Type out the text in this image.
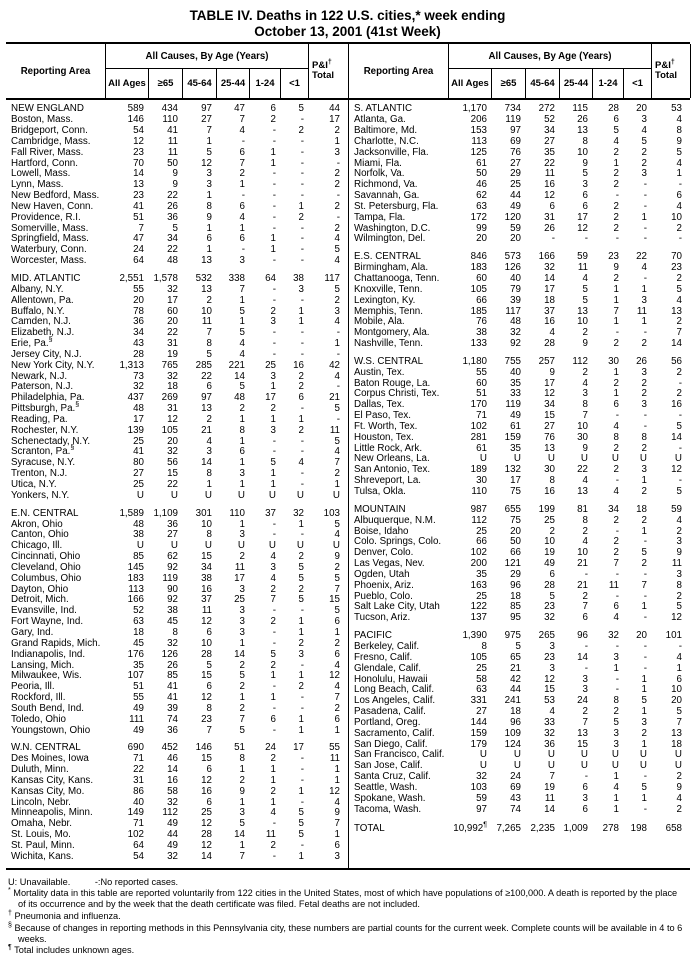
TABLE IV. Deaths in 122 U.S. cities,* week ending
October 13, 2001 (41st Week)
Reporting Area
All Causes, By Age (Years)
All Ages	≥65	45-64 25-44	1-24	<1
P&I†
Total
NEW ENGLAND	589	434	97	47	6	5	44
Boston, Mass.	146	110	27	7	2	-	17
Bridgeport, Conn.	54	41	7	4	-	2	2
Cambridge, Mass.	12	11	1	-	-	-	1
Fall River, Mass.	23	11	5	6	1	-	3
Hartford, Conn.	70	50	12	7	1	-	-
Lowell, Mass.	14	9	3	2	-	-	2
Lynn, Mass.	13	9	3	1	-	-	2
New Bedford, Mass.	23	22	1	-	-	-	-
New Haven, Conn.	41	26	8	6	-	1	2
Providence, R.I.	51	36	9	4	-	2	-
Somerville, Mass.	7	5	1	1	-	-	2
Springfield, Mass.	47	34	6	6	1	-	4
Waterbury, Conn.	24	22	1	-	1	-	5
Worcester, Mass.	64	48	13	3	-	-	4
MID. ATLANTIC	2,551 1,578	532	338	64	38	117
Albany, N.Y.	55	32	13	7	-	3	5
Allentown, Pa.	20	17	2	1	-	-	2
Buffalo, N.Y.	78	60	10	5	2	1	3
Camden, N.J.	36	20	11	1	3	1	4
Elizabeth, N.J.	34	22	7	5	-	-	-
Erie, Pa.§	43	31	8	4	-	-	1
Jersey City, N.J.	28	19	5	4	-	-	-
New York City, N.Y.	1,313	765	285	221	25	16	42
Newark, N.J.	73	32	22	14	3	2	4
Paterson, N.J.	32	18	6	5	1	2	-
Philadelphia, Pa.	437	269	97	48	17	6	21
Pittsburgh, Pa.§	48	31	13	2	2	-	5
Reading, Pa.	17	12	2	1	1	1	-
Rochester, N.Y.	139	105	21	8	3	2	11
Schenectady, N.Y.	25	20	4	1	-	-	5
Scranton, Pa.§	41	32	3	6	-	-	4
Syracuse, N.Y.	80	56	14	1	5	4	7
Trenton, N.J.	27	15	8	3	1	-	2
Utica, N.Y.	25	22	1	1	1	-	1
Yonkers, N.Y.	U	U	U	U	U	U	U
E.N. CENTRAL	1,589 1,109	301	110	37	32	103
Akron, Ohio	48	36	10	1	-	1	5
Canton, Ohio	38	27	8	3	-	-	4
Chicago, Ill.	U	U	U	U	U	U	U
Cincinnati, Ohio	85	62	15	2	4	2	9
Cleveland, Ohio	145	92	34	11	3	5	2
Columbus, Ohio	183	119	38	17	4	5	5
Dayton, Ohio	113	90	16	3	2	2	7
Detroit, Mich.	166	92	37	25	7	5	15
Evansville, Ind.	52	38	11	3	-	-	5
Fort Wayne, Ind.	63	45	12	3	2	1	6
Gary, Ind.	18	8	6	3	-	1	1
Grand Rapids, Mich.	45	32	10	1	-	2	2
Indianapolis, Ind.	176	126	28	14	5	3	6
Lansing, Mich.	35	26	5	2	2	-	4
Milwaukee, Wis.	107	85	15	5	1	1	12
Peoria, Ill.	51	41	6	2	-	2	4
Rockford, Ill.	55	41	12	1	1	-	7
South Bend, Ind.	49	39	8	2	-	-	2
Toledo, Ohio	111	74	23	7	6	1	6
Youngstown, Ohio	49	36	7	5	-	1	1
W.N. CENTRAL	690	452	146	51	24	17	55
Des Moines, Iowa	71	46	15	8	2	-	11
Duluth, Minn.	22	14	6	1	1	-	1
Kansas City, Kans.	31	16	12	2	1	-	1
Kansas City, Mo.	86	58	16	9	2	1	12
Lincoln, Nebr.	40	32	6	1	1	-	4
Minneapolis, Minn.	149	112	25	3	4	5	9
Omaha, Nebr.	71	49	12	5	-	5	7
St. Louis, Mo.	102	44	28	14	11	5	1
St. Paul, Minn.	64	49	12	1	2	-	6
Wichita, Kans.	54	32	14	7	-	1	3
Reporting Area
All Causes, By Age (Years)
All Ages	≥65	45-64 25-44	1-24	<1
P&I†
Total
S. ATLANTIC	1,170	734	272	115	28	20	53
Atlanta, Ga.	206	119	52	26	6	3	4
Baltimore, Md.	153	97	34	13	5	4	8
Charlotte, N.C.	113	69	27	8	4	5	9
Jacksonville, Fla.	125	76	35	10	2	2	5
Miami, Fla.	61	27	22	9	1	2	4
Norfolk, Va.	50	29	11	5	2	3	1
Richmond, Va.	46	25	16	3	2	-	-
Savannah, Ga.	62	44	12	6	-	-	6
St. Petersburg, Fla.	63	49	6	6	2	-	4
Tampa, Fla.	172	120	31	17	2	1	10
Washington, D.C.	99	59	26	12	2	-	2
Wilmington, Del.	20	20	-	-	-	-	-
E.S. CENTRAL	846	573	166	59	23	22	70
Birmingham, Ala.	183	126	32	11	9	4	23
Chattanooga, Tenn.	60	40	14	4	2	-	2
Knoxville, Tenn.	105	79	17	5	1	1	5
Lexington, Ky.	66	39	18	5	1	3	4
Memphis, Tenn.	185	117	37	13	7	11	13
Mobile, Ala.	76	48	16	10	1	1	2
Montgomery, Ala.	38	32	4	2	-	-	7
Nashville, Tenn.	133	92	28	9	2	2	14
W.S. CENTRAL	1,180	755	257	112	30	26	56
Austin, Tex.	55	40	9	2	1	3	2
Baton Rouge, La.	60	35	17	4	2	2	-
Corpus Christi, Tex.	51	33	12	3	1	2	2
Dallas, Tex.	170	119	34	8	6	3	16
El Paso, Tex.	71	49	15	7	-	-	-
Ft. Worth, Tex.	102	61	27	10	4	-	5
Houston, Tex.	281	159	76	30	8	8	14
Little Rock, Ark.	61	35	13	9	2	2	-
New Orleans, La.	U	U	U	U	U	U	U
San Antonio, Tex.	189	132	30	22	2	3	12
Shreveport, La.	30	17	8	4	-	1	-
Tulsa, Okla.	110	75	16	13	4	2	5
MOUNTAIN	987	655	199	81	34	18	59
Albuquerque, N.M.	112	75	25	8	2	2	4
Boise, Idaho	25	20	2	2	-	1	2
Colo. Springs, Colo.	66	50	10	4	2	-	3
Denver, Colo.	102	66	19	10	2	5	9
Las Vegas, Nev.	200	121	49	21	7	2	11
Ogden, Utah	35	29	6	-	-	-	3
Phoenix, Ariz.	163	96	28	21	11	7	8
Pueblo, Colo.	25	18	5	2	-	-	2
Salt Lake City, Utah	122	85	23	7	6	1	5
Tucson, Ariz.	137	95	32	6	4	-	12
PACIFIC	1,390	975	265	96	32	20	101
Berkeley, Calif.	8	5	3	-	-	-	-
Fresno, Calif.	105	65	23	14	3	-	4
Glendale, Calif.	25	21	3	-	1	-	1
Honolulu, Hawaii	58	42	12	3	-	1	6
Long Beach, Calif.	63	44	15	3	-	1	10
Los Angeles, Calif.	331	241	53	24	8	5	20
Pasadena, Calif.	27	18	4	2	2	1	5
Portland, Oreg.	144	96	33	7	5	3	7
Sacramento, Calif.	159	109	32	13	3	2	13
San Diego, Calif.	179	124	36	15	3	1	18
San Francisco, Calif.	U	U	U	U	U	U	U
San Jose, Calif.	U	U	U	U	U	U	U
Santa Cruz, Calif.	32	24	7	-	1	-	2
Seattle, Wash.	103	69	19	6	4	5	9
Spokane, Wash.	59	43	11	3	1	1	4
Tacoma, Wash.	97	74	14	6	1	-	2
TOTAL	10,992¶ 7,265 2,235 1,009	278	198	658
U: Unavailable.	-:No reported cases.
* Mortality data in this table are reported voluntarily from 122 cities in the United States, most of which have populations of ≥100,000. A death is reported by the place of its occurrence and by the week that the death certificate was filed. Fetal deaths are not included.
† Pneumonia and influenza.
§ Because of changes in reporting methods in this Pennsylvania city, these numbers are partial counts for the current week. Complete counts will be available in 4 to 6 weeks.
¶ Total includes unknown ages.
